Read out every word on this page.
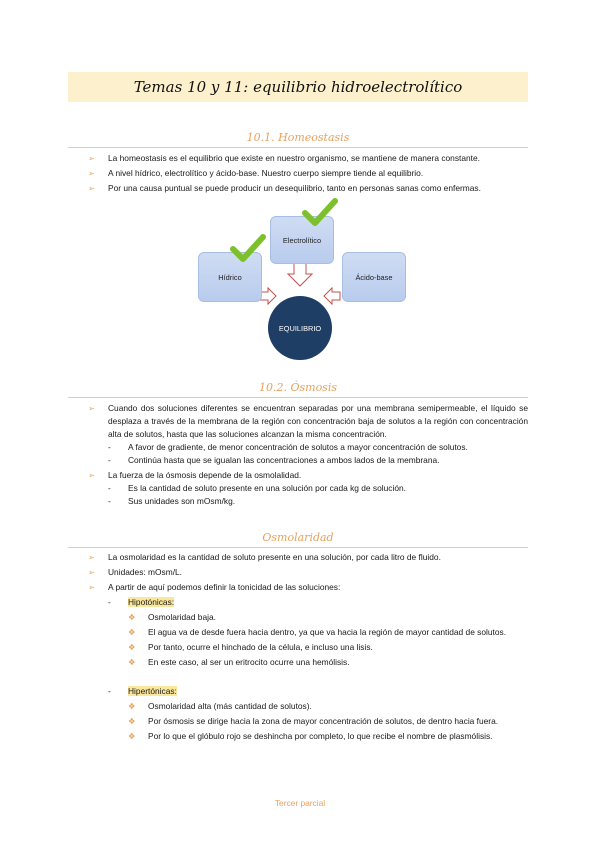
Temas 10 y 11: equilibrio hidroelectrolítico
10.1. Homeostasis
➢ La homeostasis es el equilibrio que existe en nuestro organismo, se mantiene de manera constante.
➢ A nivel hídrico, electrolítico y ácido-base. Nuestro cuerpo siempre tiende al equilibrio.
➢ Por una causa puntual se puede producir un desequilibrio, tanto en personas sanas como enfermas.
Electrolítico
Hídrico	Ácido-base
EQUILIBRIO
10.2. Ósmosis
➢ Cuando dos soluciones diferentes se encuentran separadas por una membrana semipermeable, el líquido se desplaza a través de la membrana de la región con concentración baja de solutos a la región con concentración alta de solutos, hasta que las soluciones alcanzan la misma concentración.
- A favor de gradiente, de menor concentración de solutos a mayor concentración de solutos.
- Continúa hasta que se igualan las concentraciones a ambos lados de la membrana.
➢ La fuerza de la ósmosis depende de la osmolalidad.
- Es la cantidad de soluto presente en una solución por cada kg de solución.
- Sus unidades son mOsm/kg.
Osmolaridad
➢ La osmolaridad es la cantidad de soluto presente en una solución, por cada litro de fluido.
➢ Unidades: mOsm/L.
➢ A partir de aquí podemos definir la tonicidad de las soluciones:
- Hipotónicas:
❖ Osmolaridad baja.
❖ El agua va de desde fuera hacia dentro, ya que va hacia la región de mayor cantidad de solutos.
❖ Por tanto, ocurre el hinchado de la célula, e incluso una lisis.
❖ En este caso, al ser un eritrocito ocurre una hemólisis.
- Hipertónicas:
❖ Osmolaridad alta (más cantidad de solutos).
❖ Por ósmosis se dirige hacia la zona de mayor concentración de solutos, de dentro hacia fuera.
❖ Por lo que el glóbulo rojo se deshincha por completo, lo que recibe el nombre de plasmólisis.
Tercer parcial
